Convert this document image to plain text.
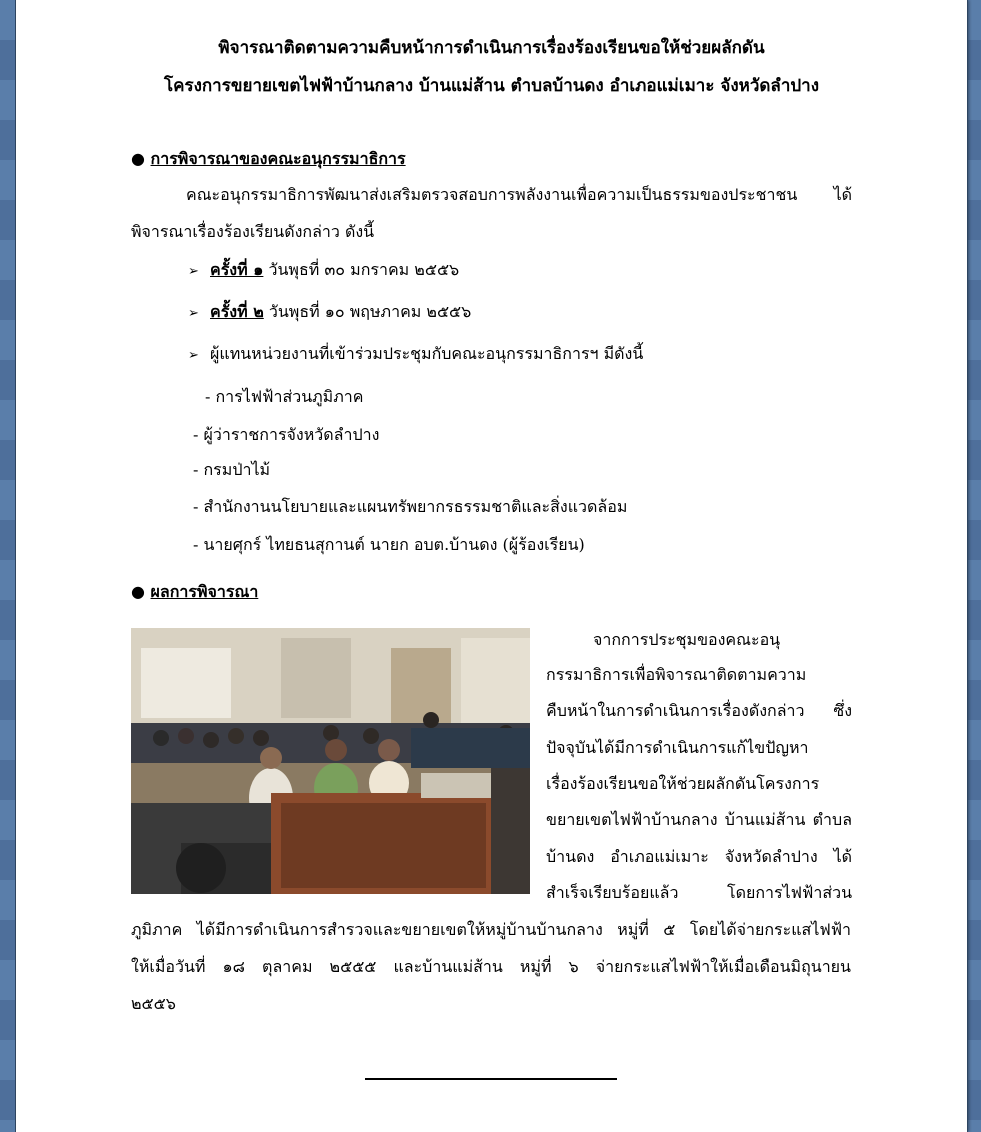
พิจารณาติดตามความคืบหน้าการดำเนินการเรื่องร้องเรียนขอให้ช่วยผลักดัน
โครงการขยายเขตไฟฟ้าบ้านกลาง บ้านแม่ส้าน ตำบลบ้านดง อำเภอแม่เมาะ จังหวัดลำปาง
● การพิจารณาของคณะอนุกรรมาธิการ
คณะอนุกรรมาธิการพัฒนาส่งเสริมตรวจสอบการพลังงานเพื่อความเป็นธรรมของประชาชน ได้
พิจารณาเรื่องร้องเรียนดังกล่าว ดังนี้
➢ ครั้งที่ ๑ วันพุธที่ ๓๐ มกราคม ๒๕๕๖
➢ ครั้งที่ ๒ วันพุธที่ ๑๐ พฤษภาคม ๒๕๕๖
➢ ผู้แทนหน่วยงานที่เข้าร่วมประชุมกับคณะอนุกรรมาธิการฯ มีดังนี้
- การไฟฟ้าส่วนภูมิภาค
- ผู้ว่าราชการจังหวัดลำปาง
- กรมป่าไม้
- สำนักงานนโยบายและแผนทรัพยากรธรรมชาติและสิ่งแวดล้อม
- นายศุกร์ ไทยธนสุกานต์ นายก อบต.บ้านดง (ผู้ร้องเรียน)
● ผลการพิจารณา
จากการประชุมของคณะอนุ
กรรมาธิการเพื่อพิจารณาติดตามความ
คืบหน้าในการดำเนินการเรื่องดังกล่าว ซึ่ง
ปัจจุบันได้มีการดำเนินการแก้ไขปัญหา
เรื่องร้องเรียนขอให้ช่วยผลักดันโครงการ
ขยายเขตไฟฟ้าบ้านกลาง บ้านแม่ส้าน ตำบล
บ้านดง อำเภอแม่เมาะ จังหวัดลำปาง ได้
สำเร็จเรียบร้อยแล้ว โดยการไฟฟ้าส่วน
ภูมิภาค ได้มีการดำเนินการสำรวจและขยายเขตให้หมู่บ้านบ้านกลาง หมู่ที่ ๕ โดยได้จ่ายกระแสไฟฟ้า
ให้เมื่อวันที่ ๑๘ ตุลาคม ๒๕๕๕ และบ้านแม่ส้าน หมู่ที่ ๖ จ่ายกระแสไฟฟ้าให้เมื่อเดือนมิถุนายน
๒๕๕๖
